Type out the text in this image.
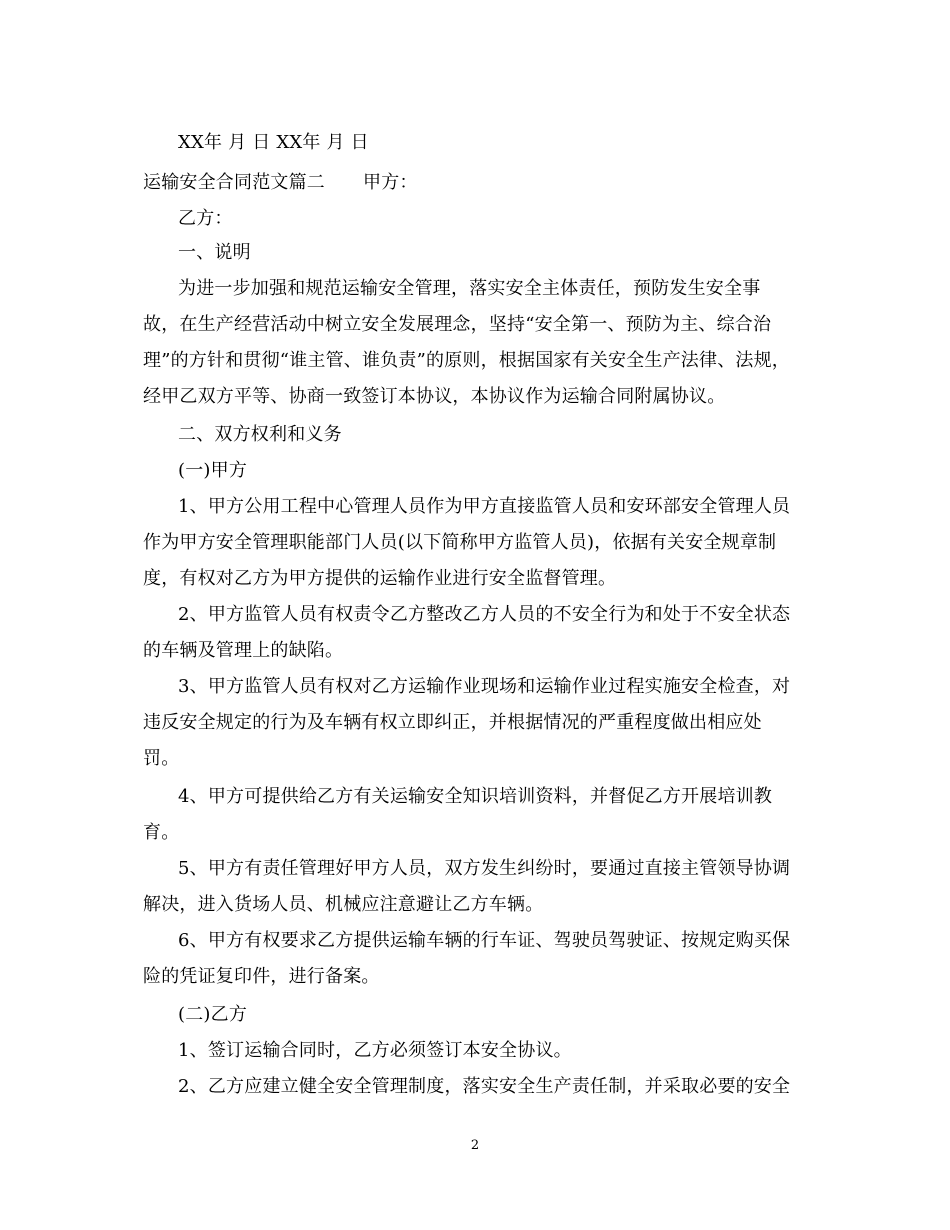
XX年 月 日 XX年 月 日
运输安全合同范文篇二 甲方：
乙方：
一、说明
为进一步加强和规范运输安全管理，落实安全主体责任，预防发生安全事
故，在生产经营活动中树立安全发展理念，坚持“安全第一、预防为主、综合治
理”的方针和贯彻“谁主管、谁负责”的原则，根据国家有关安全生产法律、法规，
经甲乙双方平等、协商一致签订本协议，本协议作为运输合同附属协议。
二、双方权利和义务
(一)甲方
1、甲方公用工程中心管理人员作为甲方直接监管人员和安环部安全管理人员
作为甲方安全管理职能部门人员(以下简称甲方监管人员)，依据有关安全规章制
度，有权对乙方为甲方提供的运输作业进行安全监督管理。
2、甲方监管人员有权责令乙方整改乙方人员的不安全行为和处于不安全状态
的车辆及管理上的缺陷。
3、甲方监管人员有权对乙方运输作业现场和运输作业过程实施安全检查，对
违反安全规定的行为及车辆有权立即纠正，并根据情况的严重程度做出相应处
罚。
4、甲方可提供给乙方有关运输安全知识培训资料，并督促乙方开展培训教
育。
5、甲方有责任管理好甲方人员，双方发生纠纷时，要通过直接主管领导协调
解决，进入货场人员、机械应注意避让乙方车辆。
6、甲方有权要求乙方提供运输车辆的行车证、驾驶员驾驶证、按规定购买保
险的凭证复印件，进行备案。
(二)乙方
1、签订运输合同时，乙方必须签订本安全协议。
2、乙方应建立健全安全管理制度，落实安全生产责任制，并采取必要的安全
2
